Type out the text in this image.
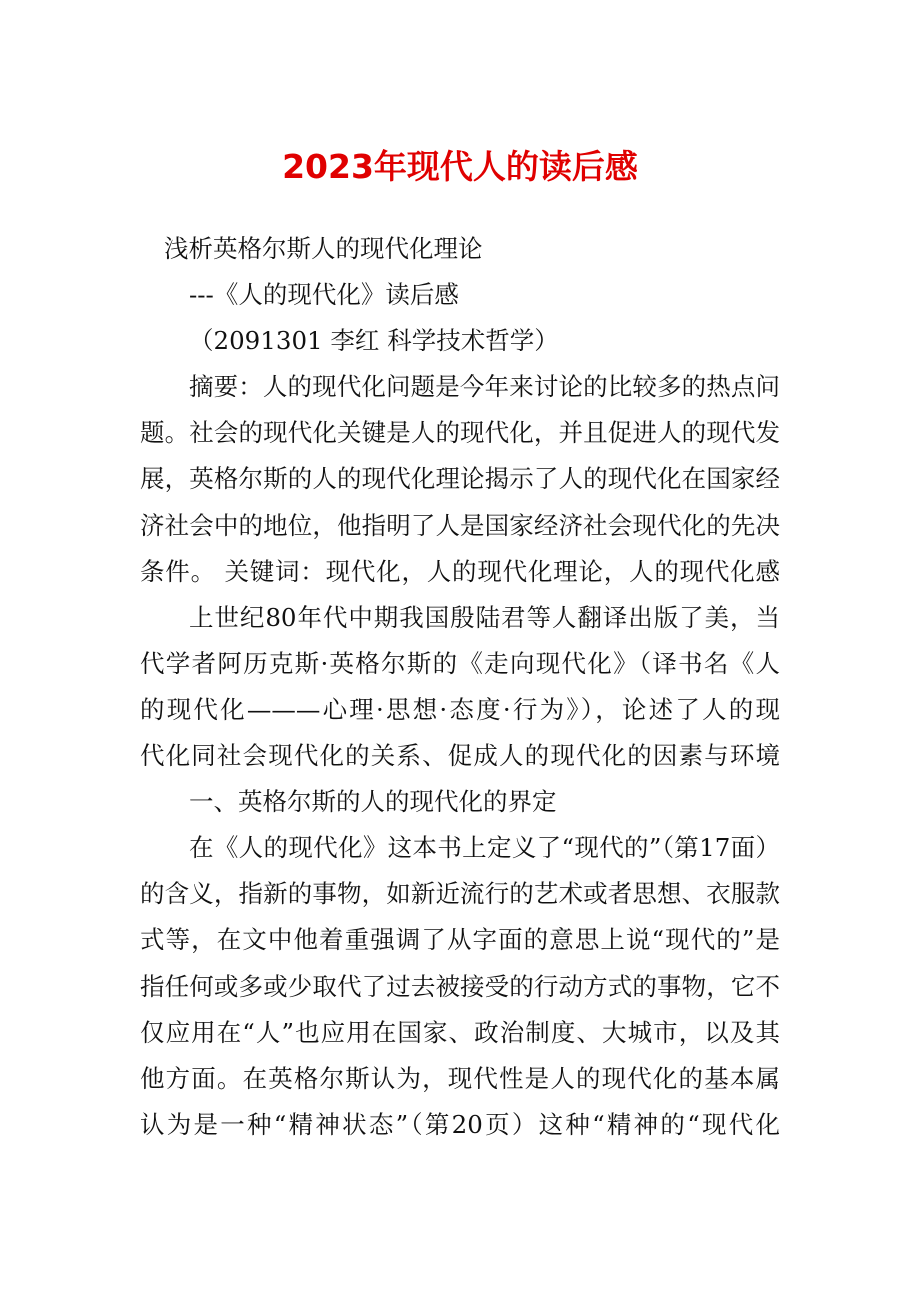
2023年现代人的读后感
浅析英格尔斯人的现代化理论
---《人的现代化》读后感
（2091301 李红 科学技术哲学）
摘要：人的现代化问题是今年来讨论的比较多的热点问
题。社会的现代化关键是人的现代化，并且促进人的现代发
展，英格尔斯的人的现代化理论揭示了人的现代化在国家经
济社会中的地位，他指明了人是国家经济社会现代化的先决
条件。 关键词：现代化，人的现代化理论，人的现代化感
上世纪80年代中期我国殷陆君等人翻译出版了美，当
代学者阿历克斯·英格尔斯的《走向现代化》（译书名《人
的现代化———心理·思想·态度·行为》），论述了人的现
代化同社会现代化的关系、促成人的现代化的因素与环境
一、英格尔斯的人的现代化的界定
在《人的现代化》这本书上定义了“现代的”（第17面）
的含义，指新的事物，如新近流行的艺术或者思想、衣服款
式等，在文中他着重强调了从字面的意思上说“现代的”是
指任何或多或少取代了过去被接受的行动方式的事物，它不
仅应用在“人”也应用在国家、政治制度、大城市，以及其
他方面。在英格尔斯认为，现代性是人的现代化的基本属
认为是一种“精神状态”（第20页）这种“精神的“现代化
